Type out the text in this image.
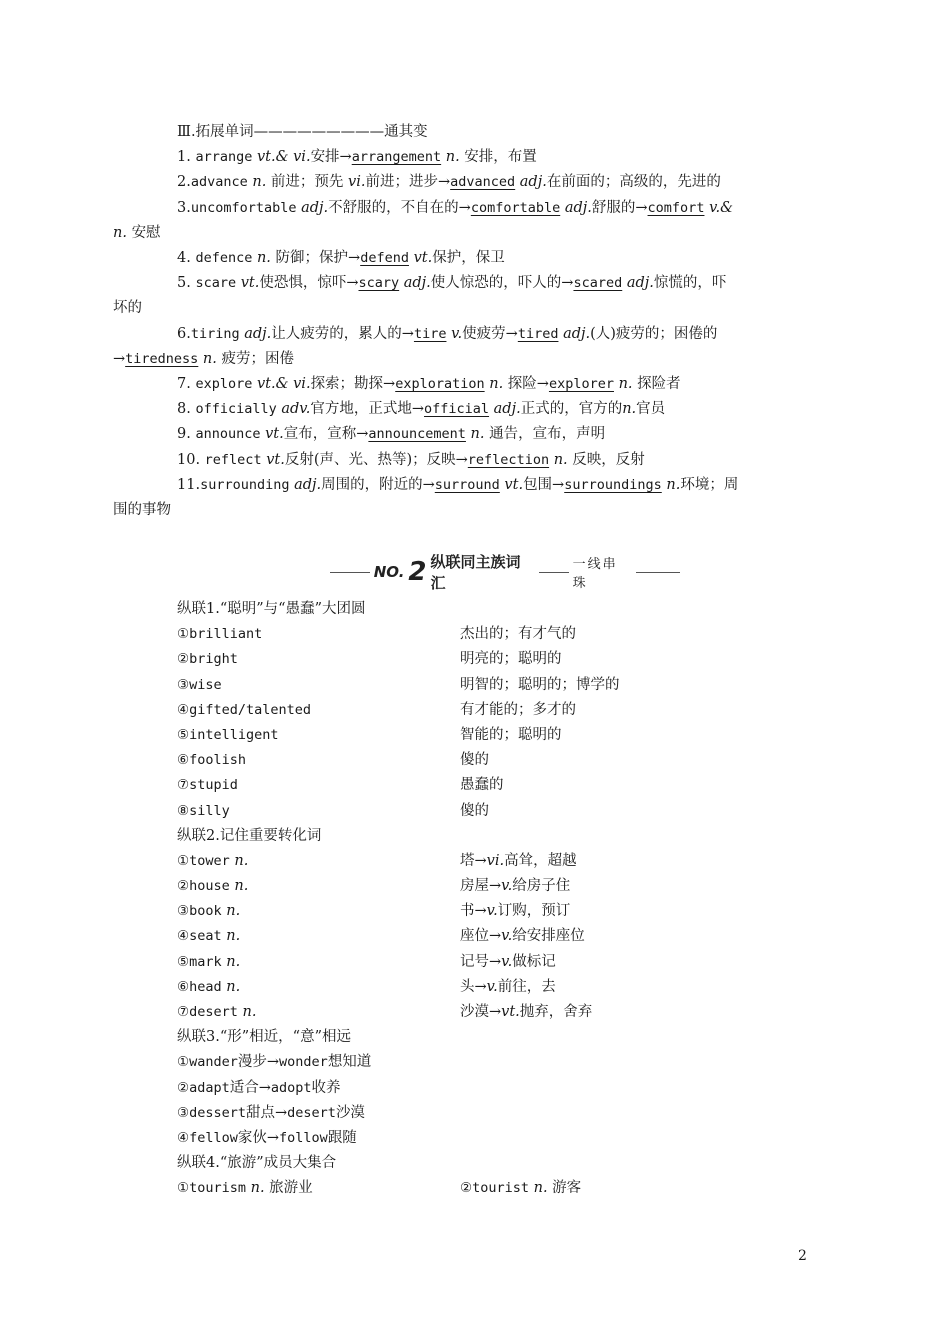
Ⅲ.拓展单词—————————通其变
1. arrange vt.& vi.安排→arrangement n. 安排，布置
2.advance n. 前进；预先 vi.前进；进步→advanced adj.在前面的；高级的，先进的
3.uncomfortable adj.不舒服的，不自在的→comfortable adj.舒服的→comfort v.&
n. 安慰
4. defence n. 防御；保护→defend vt.保护，保卫
5. scare vt.使恐惧，惊吓→scary adj.使人惊恐的，吓人的→scared adj.惊慌的，吓
坏的
6.tiring adj.让人疲劳的，累人的→tire v.使疲劳→tired adj.(人)疲劳的；困倦的
→tiredness n. 疲劳；困倦
7. explore vt.& vi.探索；勘探→exploration n. 探险→explorer n. 探险者
8. officially adv.官方地，正式地→official adj.正式的，官方的n.官员
9. announce vt.宣布，宣称→announcement n. 通告，宣布，声明
10. reflect vt.反射(声、光、热等)；反映→reflection n. 反映，反射
11.surrounding adj.周围的，附近的→surround vt.包围→surroundings n.环境；周
围的事物
NO. 2 纵联同主族词汇
一线串珠
纵联1.“聪明”与“愚蠢”大团圆
①brilliant	杰出的；有才气的
②bright	明亮的；聪明的
③wise	明智的；聪明的；博学的
④gifted/talented	有才能的；多才的
⑤intelligent	智能的；聪明的
⑥foolish	傻的
⑦stupid	愚蠢的
⑧silly	傻的
纵联2.记住重要转化词
①tower n.	塔→vi.高耸，超越
②house n.	房屋→v.给房子住
③book n.	书→v.订购，预订
④seat n.	座位→v.给安排座位
⑤mark n.	记号→v.做标记
⑥head n.	头→v.前往，去
⑦desert n.	沙漠→vt.抛弃，舍弃
纵联3.“形”相近，“意”相远
①wander漫步→wonder想知道
②adapt适合→adopt收养
③dessert甜点→desert沙漠
④fellow家伙→follow跟随
纵联4.“旅游”成员大集合
①tourism n. 旅游业	②tourist n. 游客
2
